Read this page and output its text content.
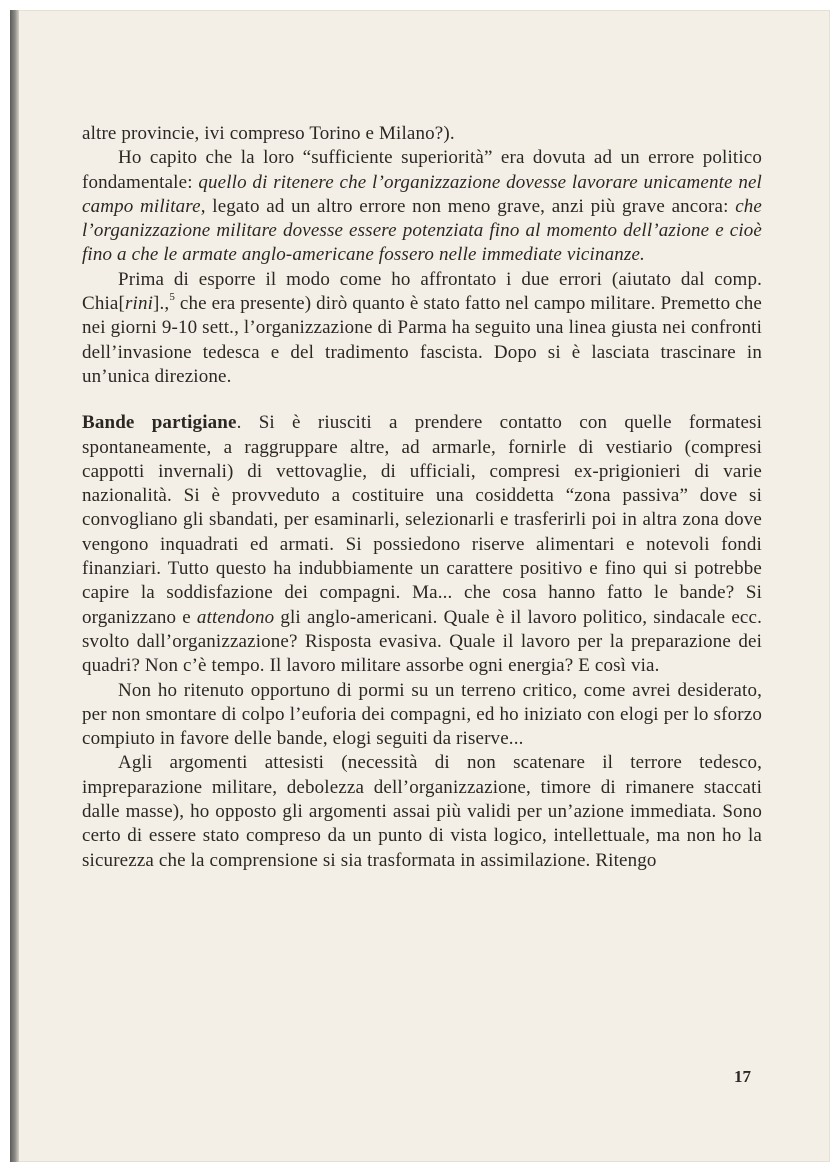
altre provincie, ivi compreso Torino e Milano?).

Ho capito che la loro “sufficiente superiorità” era dovuta ad un errore politico fondamentale: quello di ritenere che l’organizzazione dovesse lavorare unicamente nel campo militare, legato ad un altro errore non meno grave, anzi più grave ancora: che l’organizzazione militare dovesse essere potenziata fino al momento dell’azione e cioè fino a che le armate anglo-americane fossero nelle immediate vicinanze.

Prima di esporre il modo come ho affrontato i due errori (aiutato dal comp. Chia[rini].,$^5$ che era presente) dirò quanto è stato fatto nel campo militare. Premetto che nei giorni 9-10 sett., l’organizzazione di Parma ha seguito una linea giusta nei confronti dell’invasione tedesca e del tradimento fascista. Dopo si è lasciata trascinare in un’unica direzione.

Bande partigiane. Si è riusciti a prendere contatto con quelle formatesi spontaneamente, a raggruppare altre, ad armarle, fornirle di vestiario (compresi cappotti invernali) di vettovaglie, di ufficiali, compresi ex-prigionieri di varie nazionalità. Si è provveduto a costituire una cosiddetta “zona passiva” dove si convogliano gli sbandati, per esaminarli, selezionarli e trasferirli poi in altra zona dove vengono inquadrati ed armati. Si possiedono riserve alimentari e notevoli fondi finanziari. Tutto questo ha indubbiamente un carattere positivo e fino qui si potrebbe capire la soddisfazione dei compagni. Ma... che cosa hanno fatto le bande? Si organizzano e attendono gli anglo-americani. Quale è il lavoro politico, sindacale ecc. svolto dall’organizzazione? Risposta evasiva. Quale il lavoro per la preparazione dei quadri? Non c’è tempo. Il lavoro militare assorbe ogni energia? E così via.

Non ho ritenuto opportuno di pormi su un terreno critico, come avrei desiderato, per non smontare di colpo l’euforia dei compagni, ed ho iniziato con elogi per lo sforzo compiuto in favore delle bande, elogi seguiti da riserve...

Agli argomenti attesisti (necessità di non scatenare il terrore tedesco, impreparazione militare, debolezza dell’organizzazione, timore di rimanere staccati dalle masse), ho opposto gli argomenti assai più validi per un’azione immediata. Sono certo di essere stato compreso da un punto di vista logico, intellettuale, ma non ho la sicurezza che la comprensione si sia trasformata in assimilazione. Ritengo

17
